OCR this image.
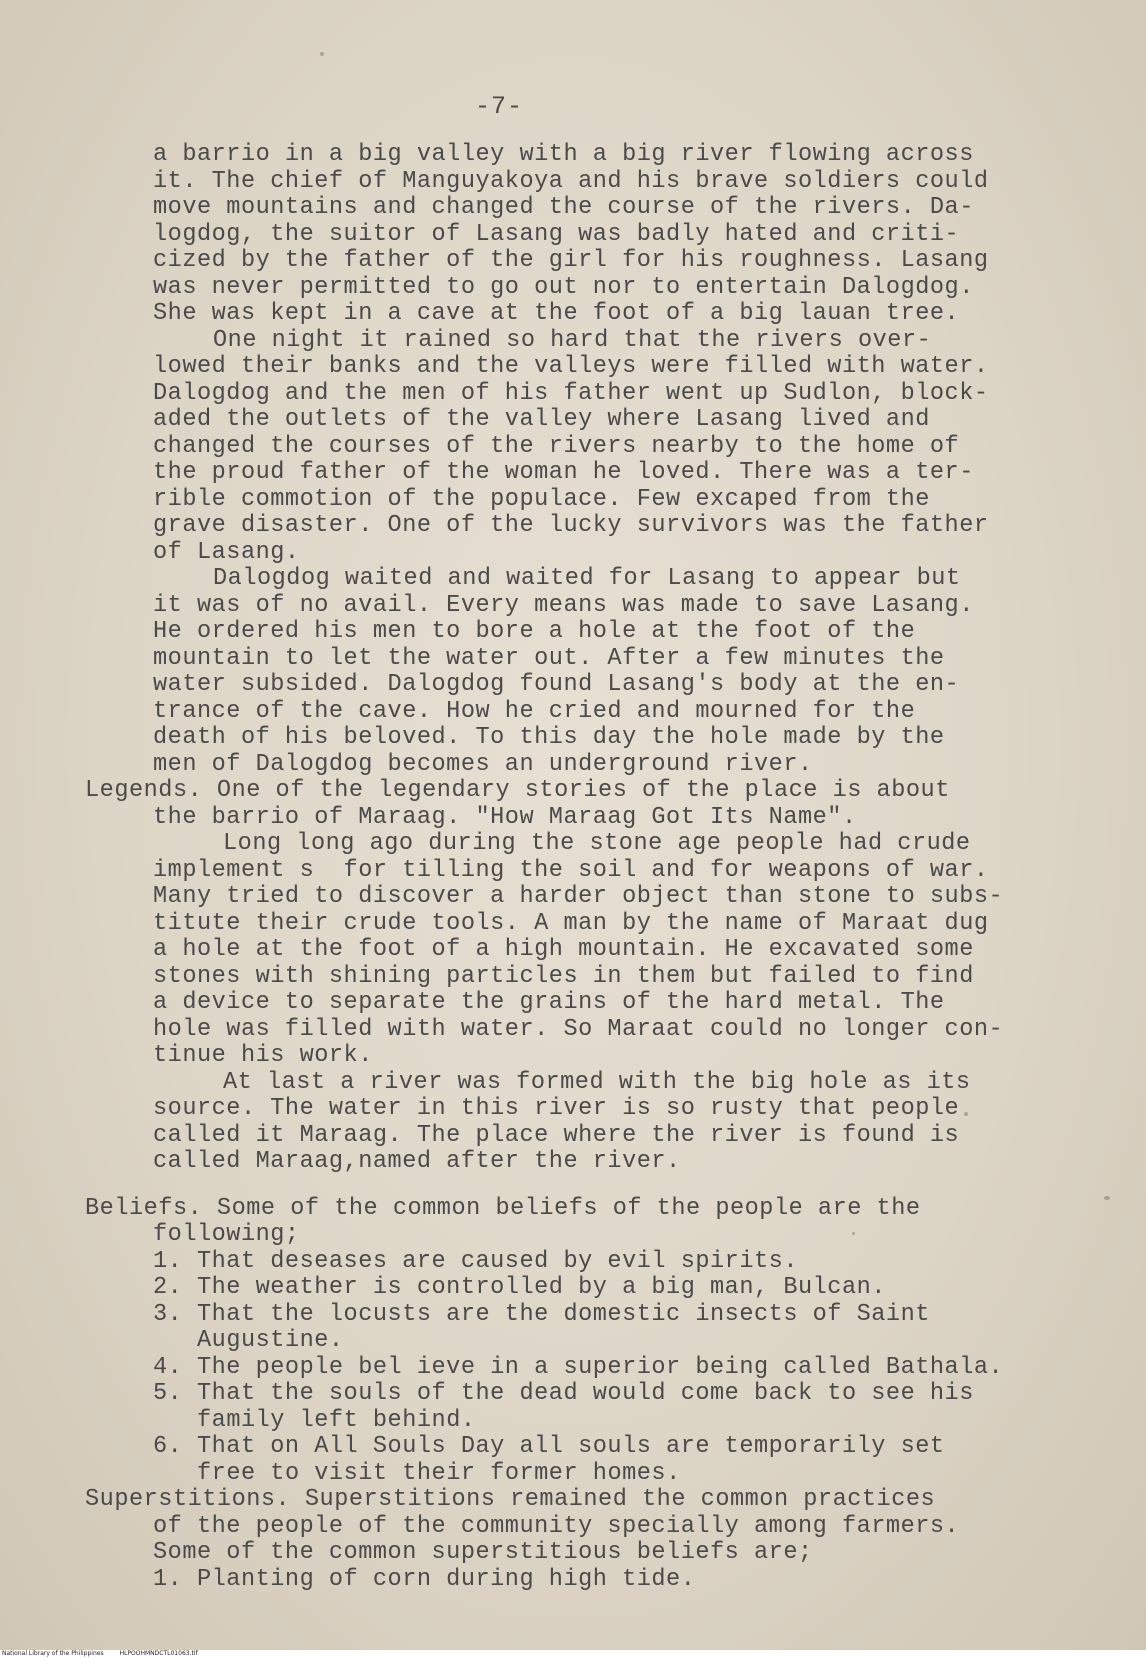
-7-
a barrio in a big valley with a big river flowing across
it. The chief of Manguyakoya and his brave soldiers could
move mountains and changed the course of the rivers. Da-
logdog, the suitor of Lasang was badly hated and criti-
cized by the father of the girl for his roughness. Lasang
was never permitted to go out nor to entertain Dalogdog.
She was kept in a cave at the foot of a big lauan tree.
One night it rained so hard that the rivers over-
lowed their banks and the valleys were filled with water.
Dalogdog and the men of his father went up Sudlon, block-
aded the outlets of the valley where Lasang lived and
changed the courses of the rivers nearby to the home of
the proud father of the woman he loved. There was a ter-
rible commotion of the populace. Few excaped from the
grave disaster. One of the lucky survivors was the father
of Lasang.
Dalogdog waited and waited for Lasang to appear but
it was of no avail. Every means was made to save Lasang.
He ordered his men to bore a hole at the foot of the
mountain to let the water out. After a few minutes the
water subsided. Dalogdog found Lasang's body at the en-
trance of the cave. How he cried and mourned for the
death of his beloved. To this day the hole made by the
men of Dalogdog becomes an underground river.
Legends. One of the legendary stories of the place is about
the barrio of Maraag. "How Maraag Got Its Name".
Long long ago during the stone age people had crude
implement s  for tilling the soil and for weapons of war.
Many tried to discover a harder object than stone to subs-
titute their crude tools. A man by the name of Maraat dug
a hole at the foot of a high mountain. He excavated some
stones with shining particles in them but failed to find
a device to separate the grains of the hard metal. The
hole was filled with water. So Maraat could no longer con-
tinue his work.
At last a river was formed with the big hole as its
source. The water in this river is so rusty that people
called it Maraag. The place where the river is found is
called Maraag,named after the river.
Beliefs. Some of the common beliefs of the people are the
following;
1. That deseases are caused by evil spirits.
2. The weather is controlled by a big man, Bulcan.
3. That the locusts are the domestic insects of Saint
Augustine.
4. The people bel ieve in a superior being called Bathala.
5. That the souls of the dead would come back to see his
family left behind.
6. That on All Souls Day all souls are temporarily set
free to visit their former homes.
Superstitions. Superstitions remained the common practices
of the people of the community specially among farmers.
Some of the common superstitious beliefs are;
1. Planting of corn during high tide.
National Library of the Philippines	HLPOOHMNDCTL01063.tif
